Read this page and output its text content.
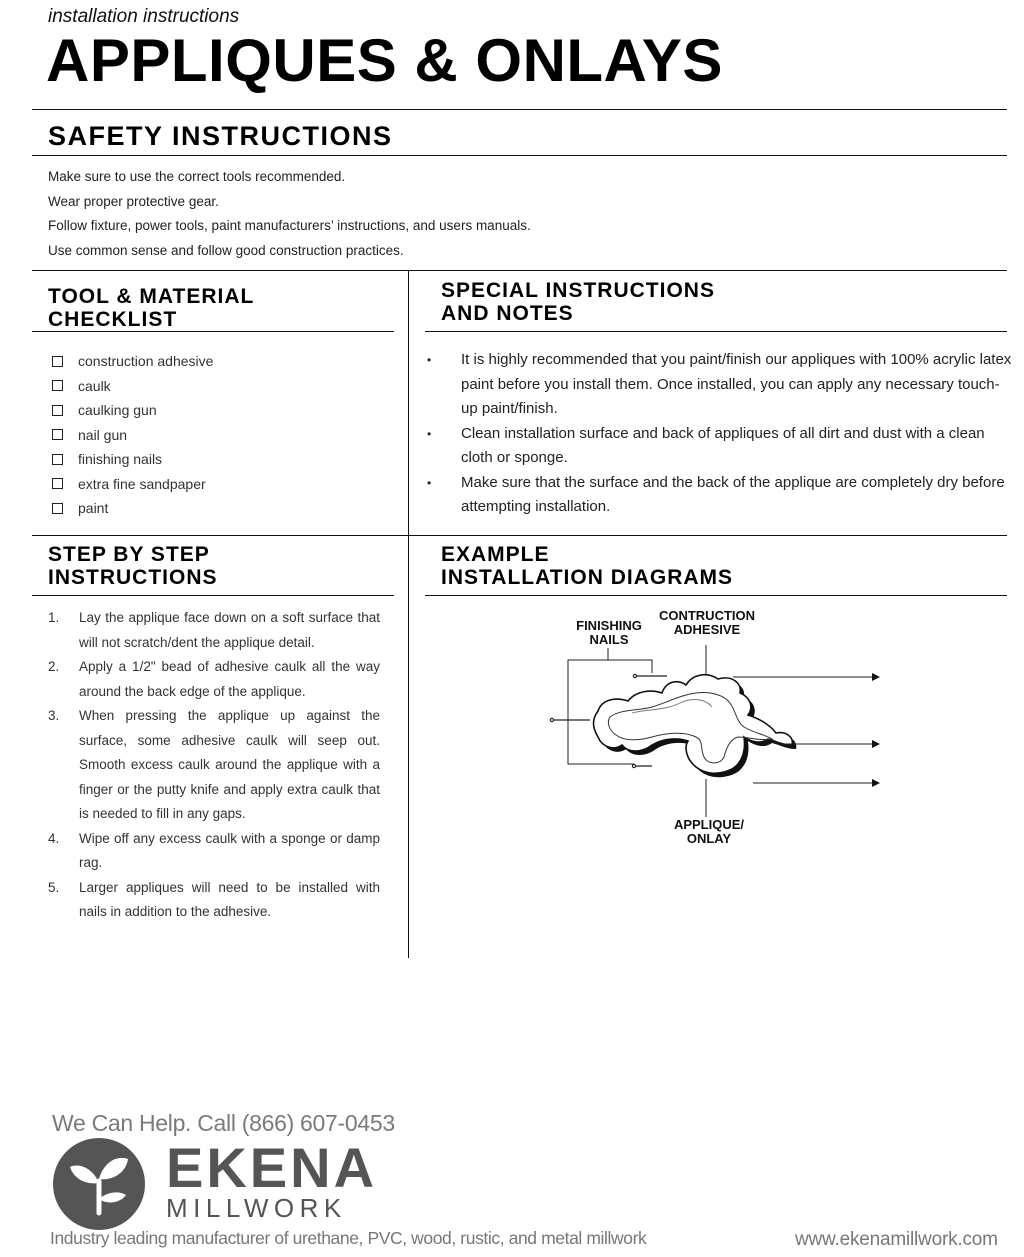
installation instructions
APPLIQUES & ONLAYS
SAFETY INSTRUCTIONS
Make sure to use the correct tools recommended.
Wear proper protective gear.
Follow fixture, power tools, paint manufacturers’ instructions, and users manuals.
Use common sense and follow good construction practices.
TOOL & MATERIAL
CHECKLIST
construction adhesive
caulk
caulking gun
nail gun
finishing nails
extra fine sandpaper
paint
SPECIAL INSTRUCTIONS
AND NOTES
•	It is highly recommended that you paint/finish our appliques with 100% acrylic latex paint before you install them. Once installed, you can apply any necessary touch-up paint/finish.
•	Clean installation surface and back of appliques of all dirt and dust with a clean cloth or sponge.
•	Make sure that the surface and the back of the applique are completely dry before attempting installation.
STEP BY STEP
INSTRUCTIONS
1.	Lay the applique face down on a soft surface that will not scratch/dent the applique detail.
2.	Apply a 1/2" bead of adhesive caulk all the way around the back edge of the applique.
3.	When pressing the applique up against the surface, some adhesive caulk will seep out. Smooth excess caulk around the applique with a finger or the putty knife and apply extra caulk that is needed to fill in any gaps.
4.	Wipe off any excess caulk with a sponge or damp rag.
5.	Larger appliques will need to be installed with nails in addition to the adhesive.
EXAMPLE
INSTALLATION DIAGRAMS
FINISHING
NAILS
CONTRUCTION
ADHESIVE
APPLIQUE/
ONLAY
We Can Help. Call (866) 607-0453
EKENA
MILLWORK
Industry leading manufacturer of urethane, PVC, wood, rustic, and metal millwork	www.ekenamillwork.com
